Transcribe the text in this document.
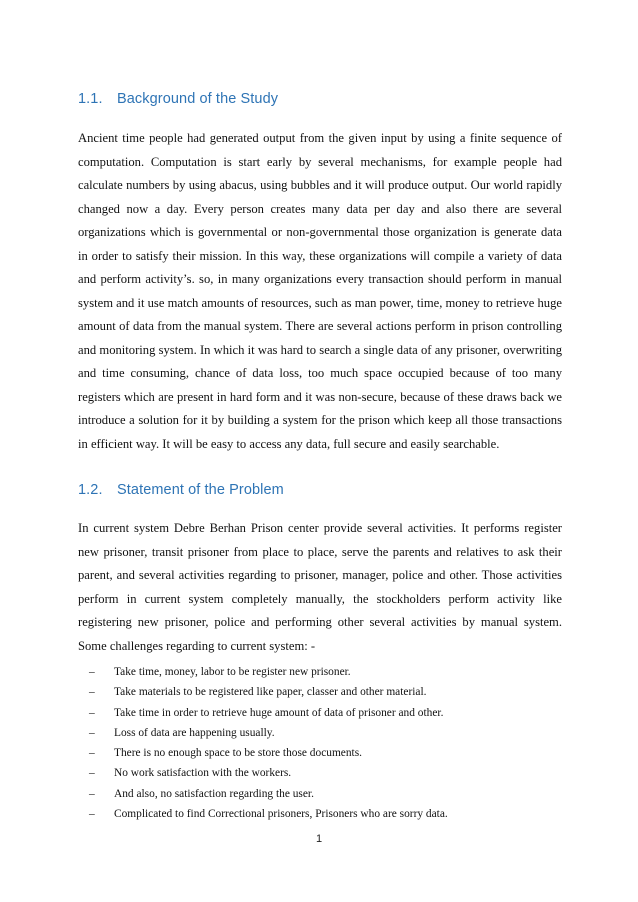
1.1. Background of the Study

Ancient time people had generated output from the given input by using a finite sequence of computation. Computation is start early by several mechanisms, for example people had calculate numbers by using abacus, using bubbles and it will produce output. Our world rapidly changed now a day. Every person creates many data per day and also there are several organizations which is governmental or non-governmental those organization is generate data in order to satisfy their mission. In this way, these organizations will compile a variety of data and perform activity’s. so, in many organizations every transaction should perform in manual system and it use match amounts of resources, such as man power, time, money to retrieve huge amount of data from the manual system. There are several actions perform in prison controlling and monitoring system. In which it was hard to search a single data of any prisoner, overwriting and time consuming, chance of data loss, too much space occupied because of too many registers which are present in hard form and it was non-secure, because of these draws back we introduce a solution for it by building a system for the prison which keep all those transactions in efficient way. It will be easy to access any data, full secure and easily searchable.

1.2. Statement of the Problem

In current system Debre Berhan Prison center provide several activities. It performs register new prisoner, transit prisoner from place to place, serve the parents and relatives to ask their parent, and several activities regarding to prisoner, manager, police and other. Those activities perform in current system completely manually, the stockholders perform activity like registering new prisoner, police and performing other several activities by manual system. Some challenges regarding to current system: -

–	Take time, money, labor to be register new prisoner.
–	Take materials to be registered like paper, classer and other material.
–	Take time in order to retrieve huge amount of data of prisoner and other.
–	Loss of data are happening usually.
–	There is no enough space to be store those documents.
–	No work satisfaction with the workers.
–	And also, no satisfaction regarding the user.
–	Complicated to find Correctional prisoners, Prisoners who are sorry data.
1
